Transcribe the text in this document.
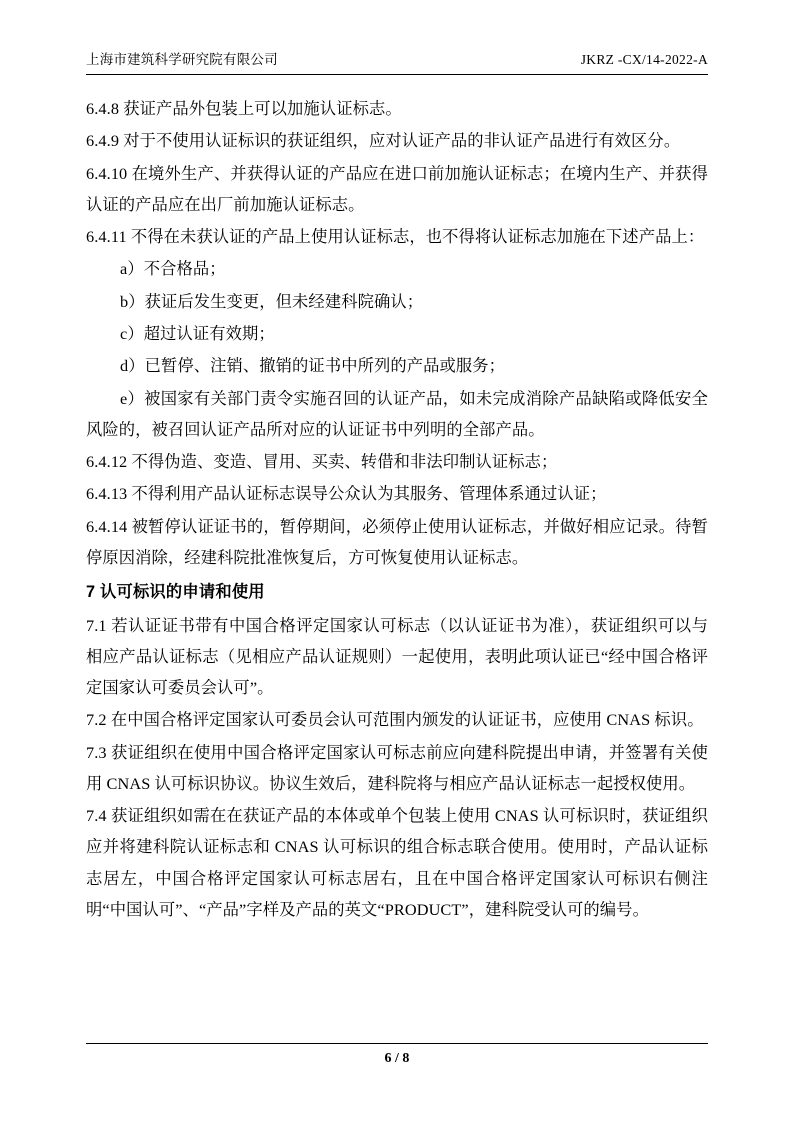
上海市建筑科学研究院有限公司	JKRZ -CX/14-2022-A

6.4.8 获证产品外包装上可以加施认证标志。

6.4.9 对于不使用认证标识的获证组织，应对认证产品的非认证产品进行有效区分。

6.4.10 在境外生产、并获得认证的产品应在进口前加施认证标志；在境内生产、并获得认证的产品应在出厂前加施认证标志。

6.4.11 不得在未获认证的产品上使用认证标志，也不得将认证标志加施在下述产品上：

a）不合格品；

b）获证后发生变更，但未经建科院确认；

c）超过认证有效期；

d）已暂停、注销、撤销的证书中所列的产品或服务；

e）被国家有关部门责令实施召回的认证产品，如未完成消除产品缺陷或降低安全风险的，被召回认证产品所对应的认证证书中列明的全部产品。

6.4.12 不得伪造、变造、冒用、买卖、转借和非法印制认证标志；

6.4.13 不得利用产品认证标志误导公众认为其服务、管理体系通过认证；

6.4.14 被暂停认证证书的，暂停期间，必须停止使用认证标志，并做好相应记录。待暂停原因消除，经建科院批准恢复后，方可恢复使用认证标志。

7 认可标识的申请和使用

7.1 若认证证书带有中国合格评定国家认可标志（以认证证书为准），获证组织可以与相应产品认证标志（见相应产品认证规则）一起使用，表明此项认证已“经中国合格评定国家认可委员会认可”。

7.2 在中国合格评定国家认可委员会认可范围内颁发的认证证书，应使用 CNAS 标识。

7.3 获证组织在使用中国合格评定国家认可标志前应向建科院提出申请，并签署有关使用 CNAS 认可标识协议。协议生效后，建科院将与相应产品认证标志一起授权使用。

7.4 获证组织如需在在获证产品的本体或单个包装上使用 CNAS 认可标识时，获证组织应并将建科院认证标志和 CNAS 认可标识的组合标志联合使用。使用时，产品认证标志居左，中国合格评定国家认可标志居右，且在中国合格评定国家认可标识右侧注明“中国认可”、“产品”字样及产品的英文“PRODUCT”，建科院受认可的编号。

6 / 8
